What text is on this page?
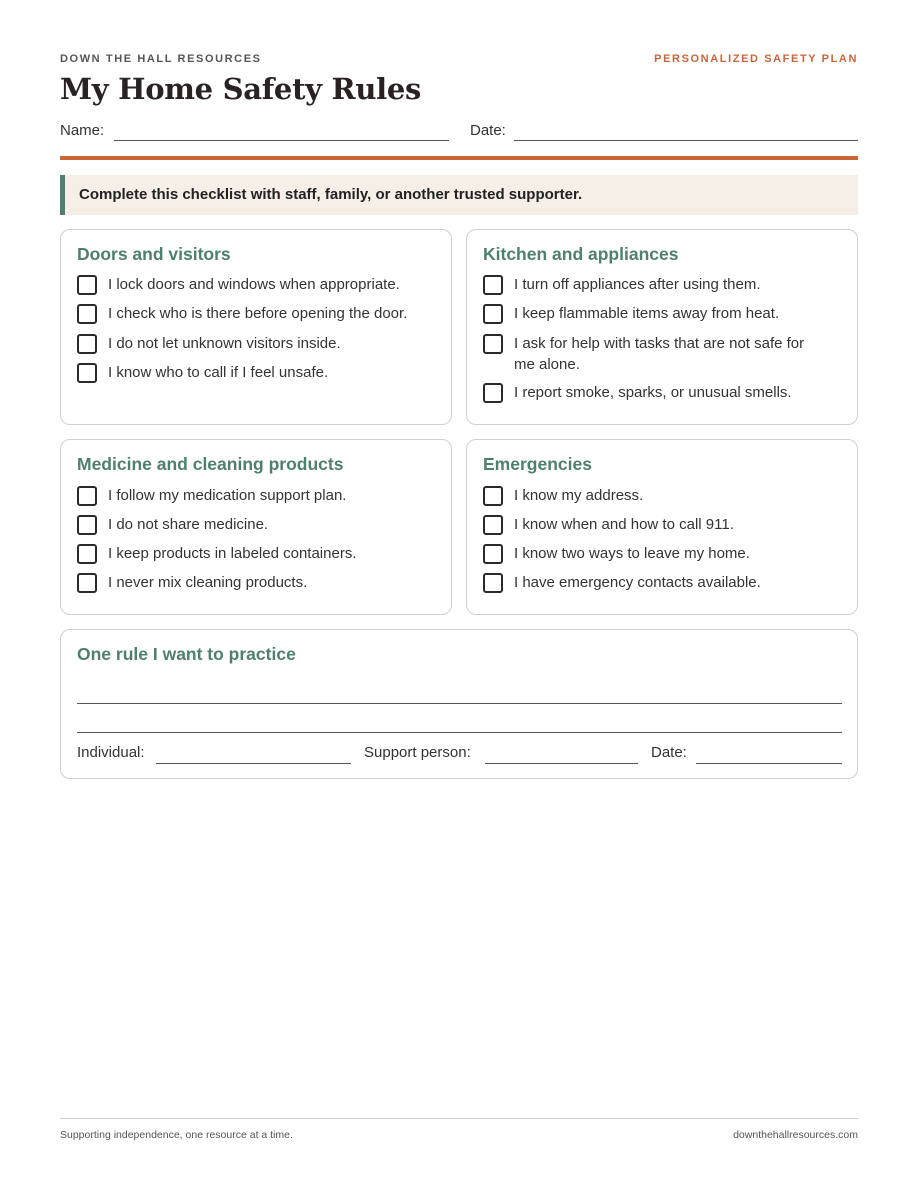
DOWN THE HALL RESOURCES	PERSONALIZED SAFETY PLAN
My Home Safety Rules
Name:	Date:
Complete this checklist with staff, family, or another trusted supporter.
Doors and visitors
I lock doors and windows when appropriate.
I check who is there before opening the door.
I do not let unknown visitors inside.
I know who to call if I feel unsafe.
Kitchen and appliances
I turn off appliances after using them.
I keep flammable items away from heat.
I ask for help with tasks that are not safe for me alone.
I report smoke, sparks, or unusual smells.
Medicine and cleaning products
I follow my medication support plan.
I do not share medicine.
I keep products in labeled containers.
I never mix cleaning products.
Emergencies
I know my address.
I know when and how to call 911.
I know two ways to leave my home.
I have emergency contacts available.
One rule I want to practice
Individual:	Support person:	Date:
Supporting independence, one resource at a time.	downthehallresources.com
